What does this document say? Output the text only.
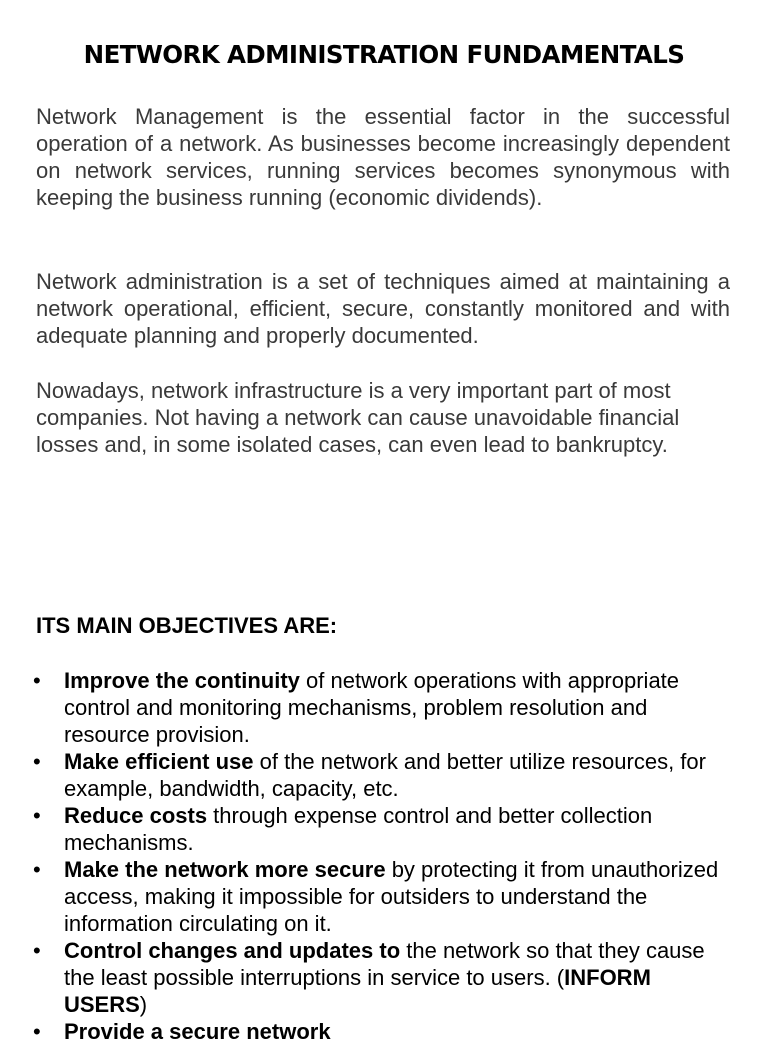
NETWORK ADMINISTRATION FUNDAMENTALS

Network Management is the essential factor in the successful operation of a network. As businesses become increasingly dependent on network services, running services becomes synonymous with keeping the business running (economic dividends).

Network administration is a set of techniques aimed at maintaining a network operational, efficient, secure, constantly monitored and with adequate planning and properly documented.

Nowadays, network infrastructure is a very important part of most companies. Not having a network can cause unavoidable financial losses and, in some isolated cases, can even lead to bankruptcy.

ITS MAIN OBJECTIVES ARE:

• Improve the continuity of network operations with appropriate control and monitoring mechanisms, problem resolution and resource provision.
• Make efficient use of the network and better utilize resources, for example, bandwidth, capacity, etc.
• Reduce costs through expense control and better collection mechanisms.
• Make the network more secure by protecting it from unauthorized access, making it impossible for outsiders to understand the information circulating on it.
• Control changes and updates to the network so that they cause the least possible interruptions in service to users. (INFORM USERS)
• Provide a secure network
